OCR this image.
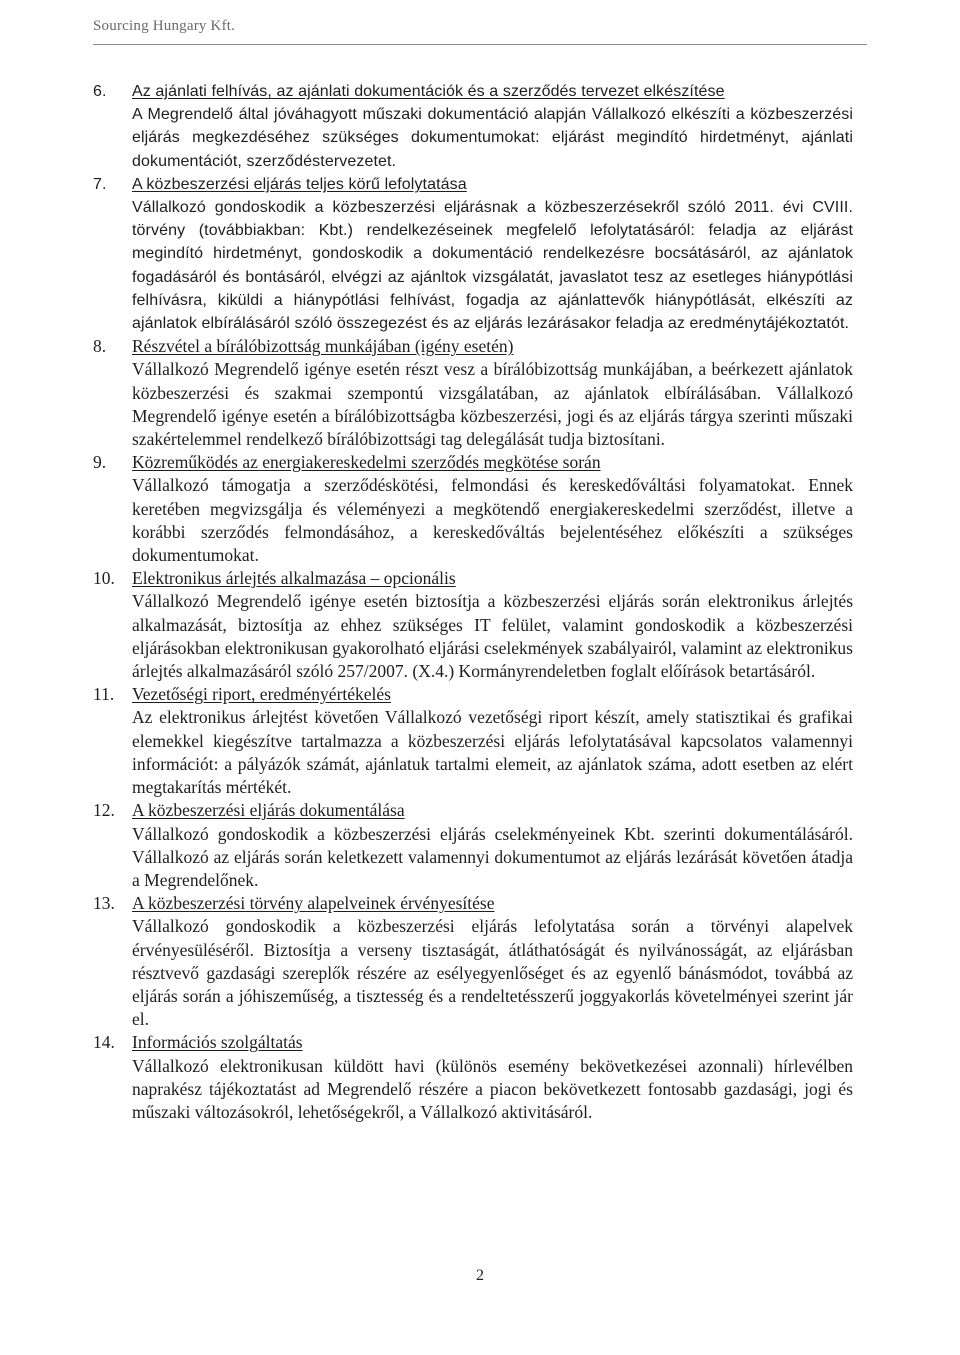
Sourcing Hungary Kft.
6.	Az ajánlati felhívás, az ajánlati dokumentációk és a szerződés tervezet elkészítése
A Megrendelő által jóváhagyott műszaki dokumentáció alapján Vállalkozó elkészíti a közbeszerzési eljárás megkezdéséhez szükséges dokumentumokat: eljárást megindító hirdetményt, ajánlati dokumentációt, szerződéstervezetet.
7.	A közbeszerzési eljárás teljes körű lefolytatása
Vállalkozó gondoskodik a közbeszerzési eljárásnak a közbeszerzésekről szóló 2011. évi CVIII. törvény (továbbiakban: Kbt.) rendelkezéseinek megfelelő lefolytatásáról: feladja az eljárást megindító hirdetményt, gondoskodik a dokumentáció rendelkezésre bocsátásáról, az ajánlatok fogadásáról és bontásáról, elvégzi az ajánltok vizsgálatát, javaslatot tesz az esetleges hiánypótlási felhívásra, kiküldi a hiánypótlási felhívást, fogadja az ajánlattevők hiánypótlását, elkészíti az ajánlatok elbírálásáról szóló összegezést és az eljárás lezárásakor feladja az eredménytájékoztatót.
8.	Részvétel a bírálóbizottság munkájában (igény esetén)
Vállalkozó Megrendelő igénye esetén részt vesz a bírálóbizottság munkájában, a beérkezett ajánlatok közbeszerzési és szakmai szempontú vizsgálatában, az ajánlatok elbírálásában. Vállalkozó Megrendelő igénye esetén a bírálóbizottságba közbeszerzési, jogi és az eljárás tárgya szerinti műszaki szakértelemmel rendelkező bírálóbizottsági tag delegálását tudja biztosítani.
9.	Közreműködés az energiakereskedelmi szerződés megkötése során
Vállalkozó támogatja a szerződéskötési, felmondási és kereskedőváltási folyamatokat. Ennek keretében megvizsgálja és véleményezi a megkötendő energiakereskedelmi szerződést, illetve a korábbi szerződés felmondásához, a kereskedőváltás bejelentéséhez előkészíti a szükséges dokumentumokat.
10. Elektronikus árlejtés alkalmazása – opcionális
Vállalkozó Megrendelő igénye esetén biztosítja a közbeszerzési eljárás során elektronikus árlejtés alkalmazását, biztosítja az ehhez szükséges IT felület, valamint gondoskodik a közbeszerzési eljárásokban elektronikusan gyakorolható eljárási cselekmények szabályairól, valamint az elektronikus árlejtés alkalmazásáról szóló 257/2007. (X.4.) Kormányrendeletben foglalt előírások betartásáról.
11.	Vezetőségi riport, eredményértékelés
Az elektronikus árlejtést követően Vállalkozó vezetőségi riport készít, amely statisztikai és grafikai elemekkel kiegészítve tartalmazza a közbeszerzési eljárás lefolytatásával kapcsolatos valamennyi információt: a pályázók számát, ajánlatuk tartalmi elemeit, az ajánlatok száma, adott esetben az elért megtakarítás mértékét.
12. A közbeszerzési eljárás dokumentálása
Vállalkozó gondoskodik a közbeszerzési eljárás cselekményeinek Kbt. szerinti dokumentálásáról. Vállalkozó az eljárás során keletkezett valamennyi dokumentumot az eljárás lezárását követően átadja a Megrendelőnek.
13. A közbeszerzési törvény alapelveinek érvényesítése
Vállalkozó gondoskodik a közbeszerzési eljárás lefolytatása során a törvényi alapelvek érvényesüléséről. Biztosítja a verseny tisztaságát, átláthatóságát és nyilvánosságát, az eljárásban résztvevő gazdasági szereplők részére az esélyegyenlőséget és az egyenlő bánásmódot, továbbá az eljárás során a jóhiszeműség, a tisztesség és a rendeltetésszerű joggyakorlás követelményei szerint jár el.
14. Információs szolgáltatás
Vállalkozó elektronikusan küldött havi (különös esemény bekövetkezései azonnali) hírlevélben naprakész tájékoztatást ad Megrendelő részére a piacon bekövetkezett fontosabb gazdasági, jogi és műszaki változásokról, lehetőségekről, a Vállalkozó aktivitásáról.
2
